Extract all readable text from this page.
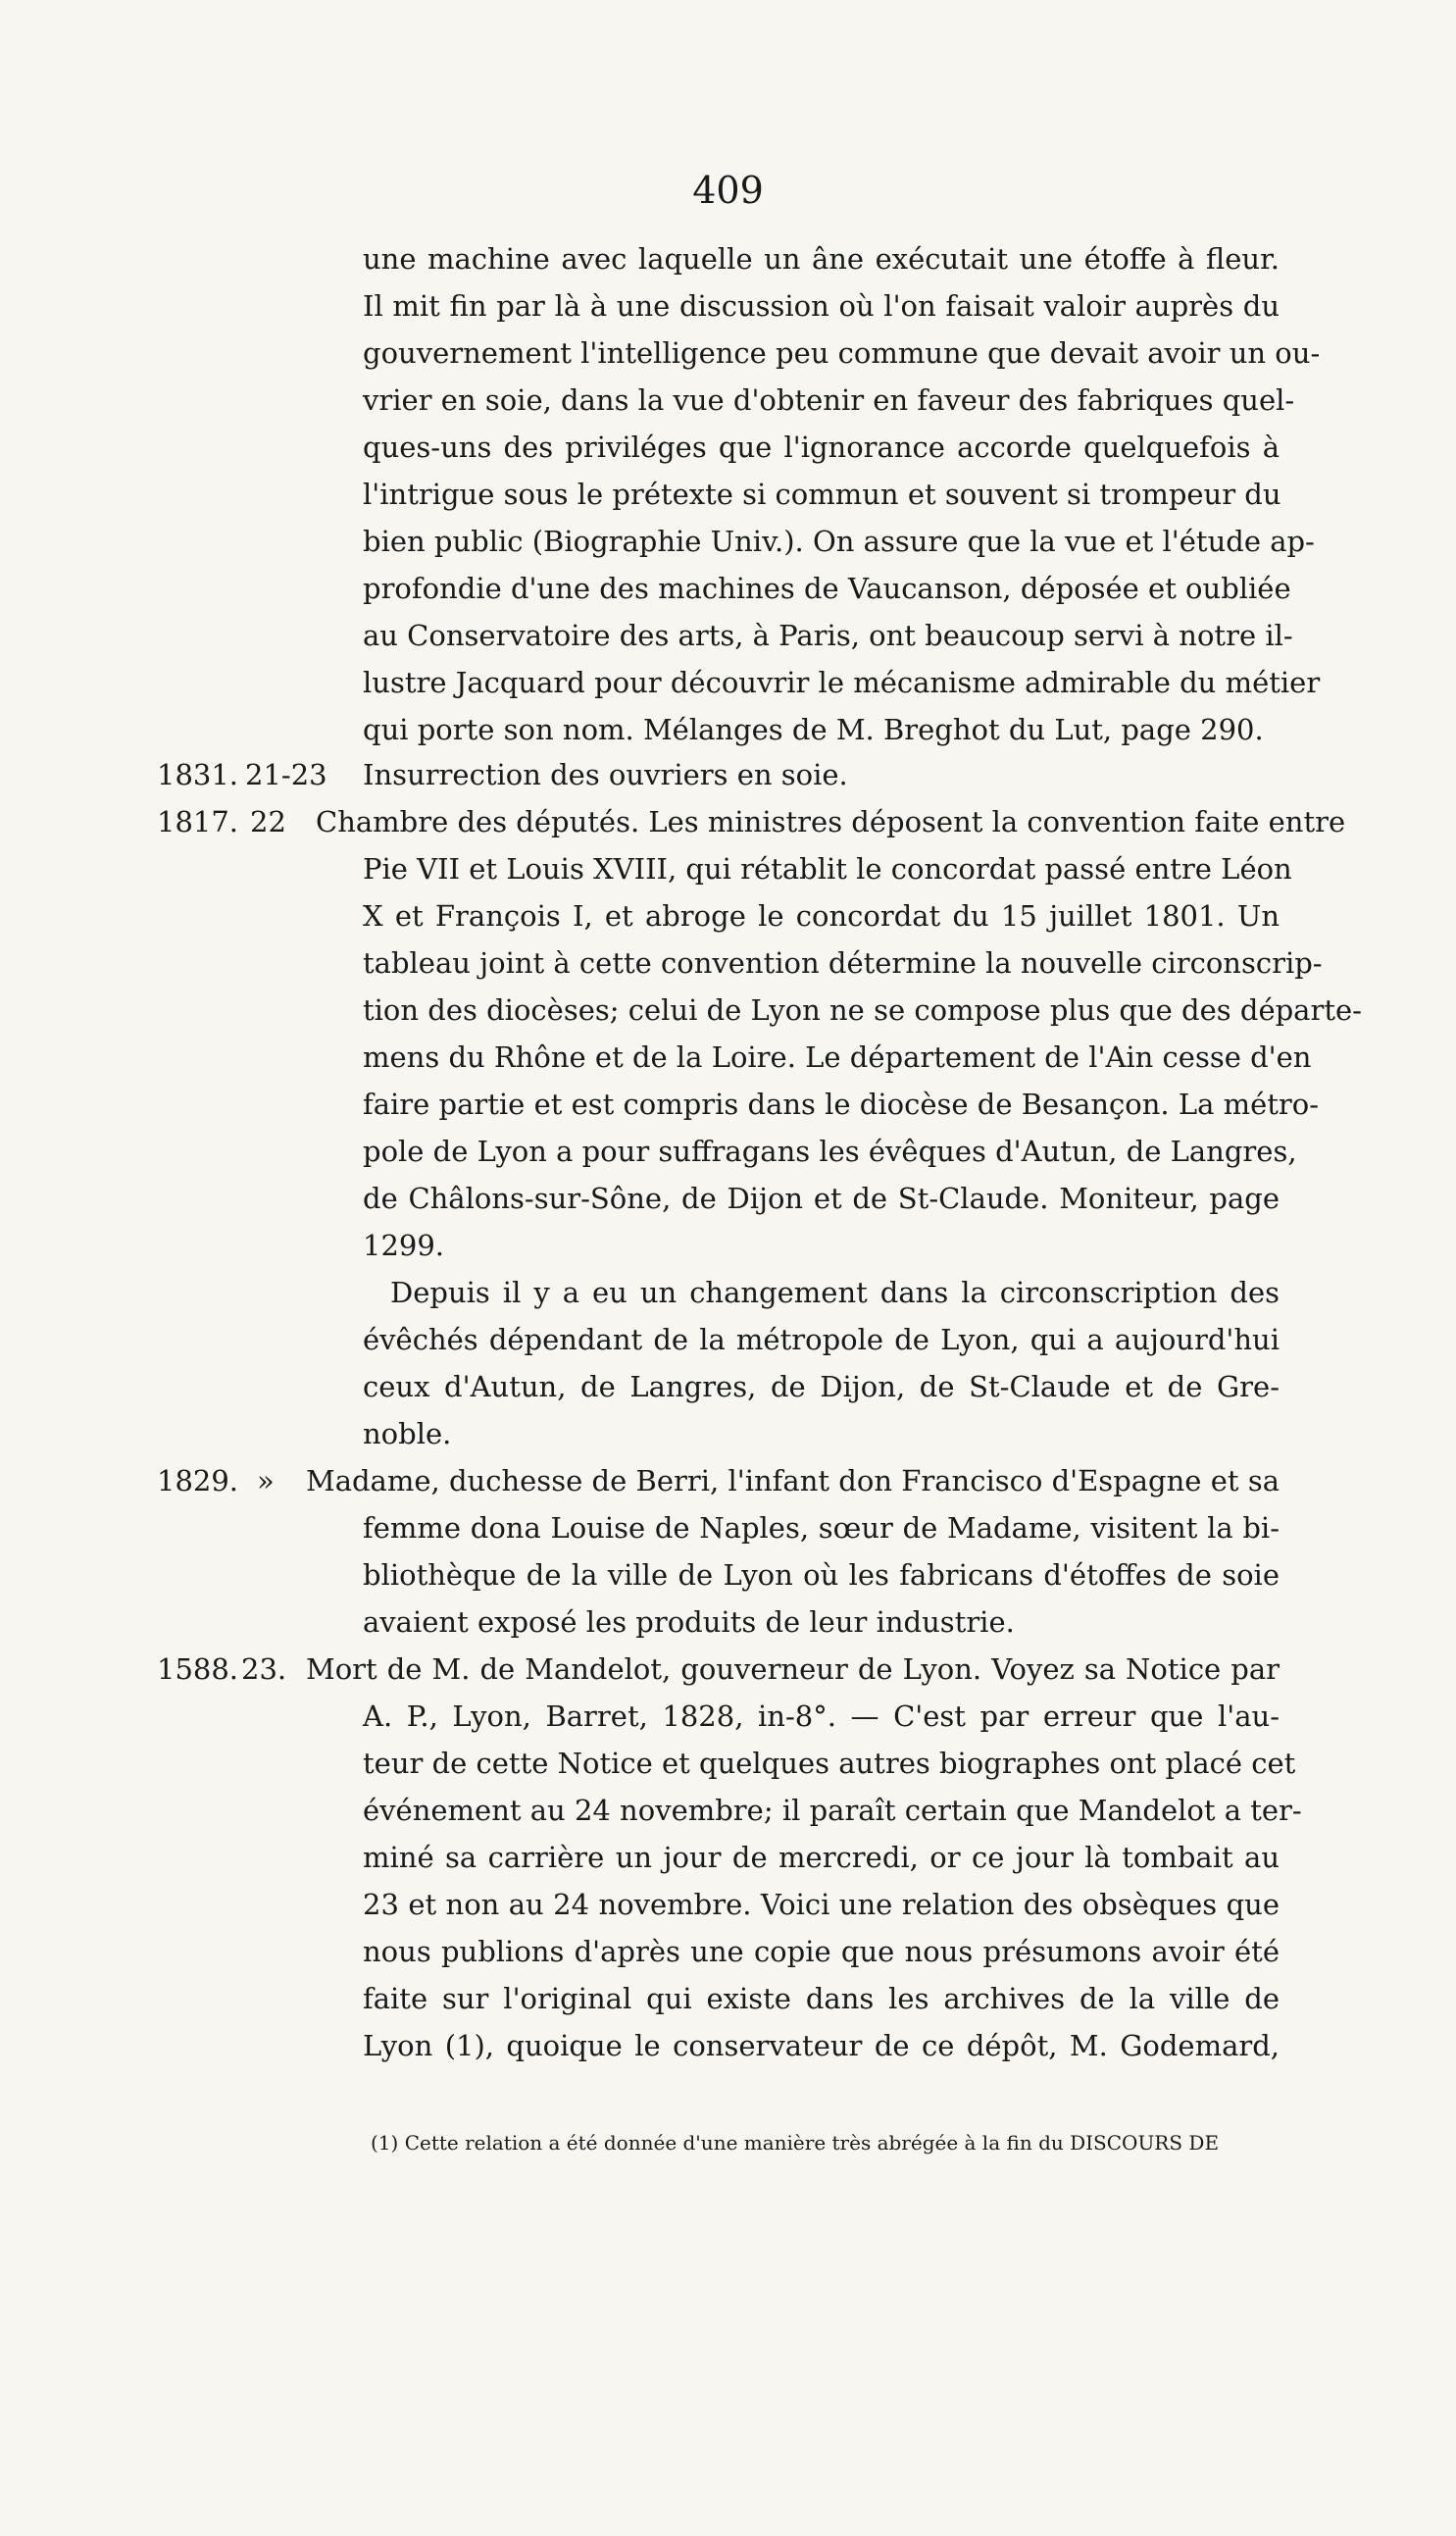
409
une machine avec laquelle un âne exécutait une étoffe à fleur.
Il mit fin par là à une discussion où l'on faisait valoir auprès du
gouvernement l'intelligence peu commune que devait avoir un ou-
vrier en soie, dans la vue d'obtenir en faveur des fabriques quel-
ques-uns des priviléges que l'ignorance accorde quelquefois à
l'intrigue sous le prétexte si commun et souvent si trompeur du
bien public (Biographie Univ.). On assure que la vue et l'étude ap-
profondie d'une des machines de Vaucanson, déposée et oubliée
au Conservatoire des arts, à Paris, ont beaucoup servi à notre il-
lustre Jacquard pour découvrir le mécanisme admirable du métier
qui porte son nom. Mélanges de M. Breghot du Lut, page 290.
1831. 21-23 Insurrection des ouvriers en soie.
1817. 22 Chambre des députés. Les ministres déposent la convention faite entre
Pie VII et Louis XVIII, qui rétablit le concordat passé entre Léon
X et François I, et abroge le concordat du 15 juillet 1801. Un
tableau joint à cette convention détermine la nouvelle circonscrip-
tion des diocèses; celui de Lyon ne se compose plus que des départe-
mens du Rhône et de la Loire. Le département de l'Ain cesse d'en
faire partie et est compris dans le diocèse de Besançon. La métro-
pole de Lyon a pour suffragans les évêques d'Autun, de Langres,
de Châlons-sur-Sône, de Dijon et de St-Claude. Moniteur, page
1299.
Depuis il y a eu un changement dans la circonscription des
évêchés dépendant de la métropole de Lyon, qui a aujourd'hui
ceux d'Autun, de Langres, de Dijon, de St-Claude et de Gre-
noble.
1829. » Madame, duchesse de Berri, l'infant don Francisco d'Espagne et sa
femme dona Louise de Naples, sœur de Madame, visitent la bi-
bliothèque de la ville de Lyon où les fabricans d'étoffes de soie
avaient exposé les produits de leur industrie.
1588. 23. Mort de M. de Mandelot, gouverneur de Lyon. Voyez sa Notice par
A. P., Lyon, Barret, 1828, in-8°. — C'est par erreur que l'au-
teur de cette Notice et quelques autres biographes ont placé cet
événement au 24 novembre; il paraît certain que Mandelot a ter-
miné sa carrière un jour de mercredi, or ce jour là tombait au
23 et non au 24 novembre. Voici une relation des obsèques que
nous publions d'après une copie que nous présumons avoir été
faite sur l'original qui existe dans les archives de la ville de
Lyon (1), quoique le conservateur de ce dépôt, M. Godemard,
(1) Cette relation a été donnée d'une manière très abrégée à la fin du DISCOURS DE
